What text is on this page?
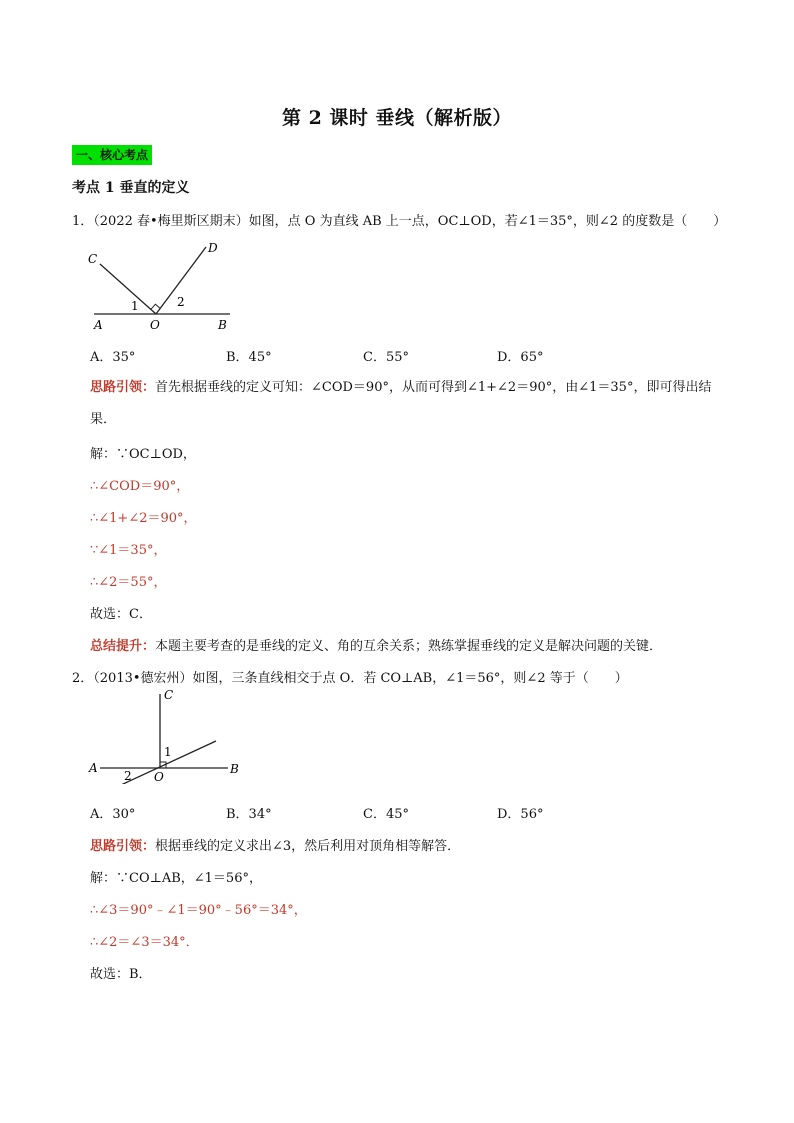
第 2 课时 垂线（解析版）
一、核心考点
考点 1 垂直的定义
1．（2022 春•梅里斯区期末）如图，点 O 为直线 AB 上一点，OC⊥OD，若∠1＝35°，则∠2 的度数是（　　）
C
D
A	O	B
1	2
A．35°	B．45°	C．55°	D．65°
思路引领：首先根据垂线的定义可知：∠COD＝90°，从而可得到∠1+∠2＝90°，由∠1＝35°，即可得出结果．
解：∵OC⊥OD，
∴∠COD＝90°，
∴∠1+∠2＝90°，
∵∠1＝35°，
∴∠2＝55°，
故选：C．
总结提升：本题主要考查的是垂线的定义、角的互余关系；熟练掌握垂线的定义是解决问题的关键．
2．（2013•德宏州）如图，三条直线相交于点 O．若 CO⊥AB，∠1＝56°，则∠2 等于（　　）
C
A
O
B
1
2
A．30°	B．34°	C．45°	D．56°
思路引领：根据垂线的定义求出∠3，然后利用对顶角相等解答．
解：∵CO⊥AB，∠1＝56°，
∴∠3＝90°﹣∠1＝90°﹣56°＝34°，
∴∠2＝∠3＝34°．
故选：B．
